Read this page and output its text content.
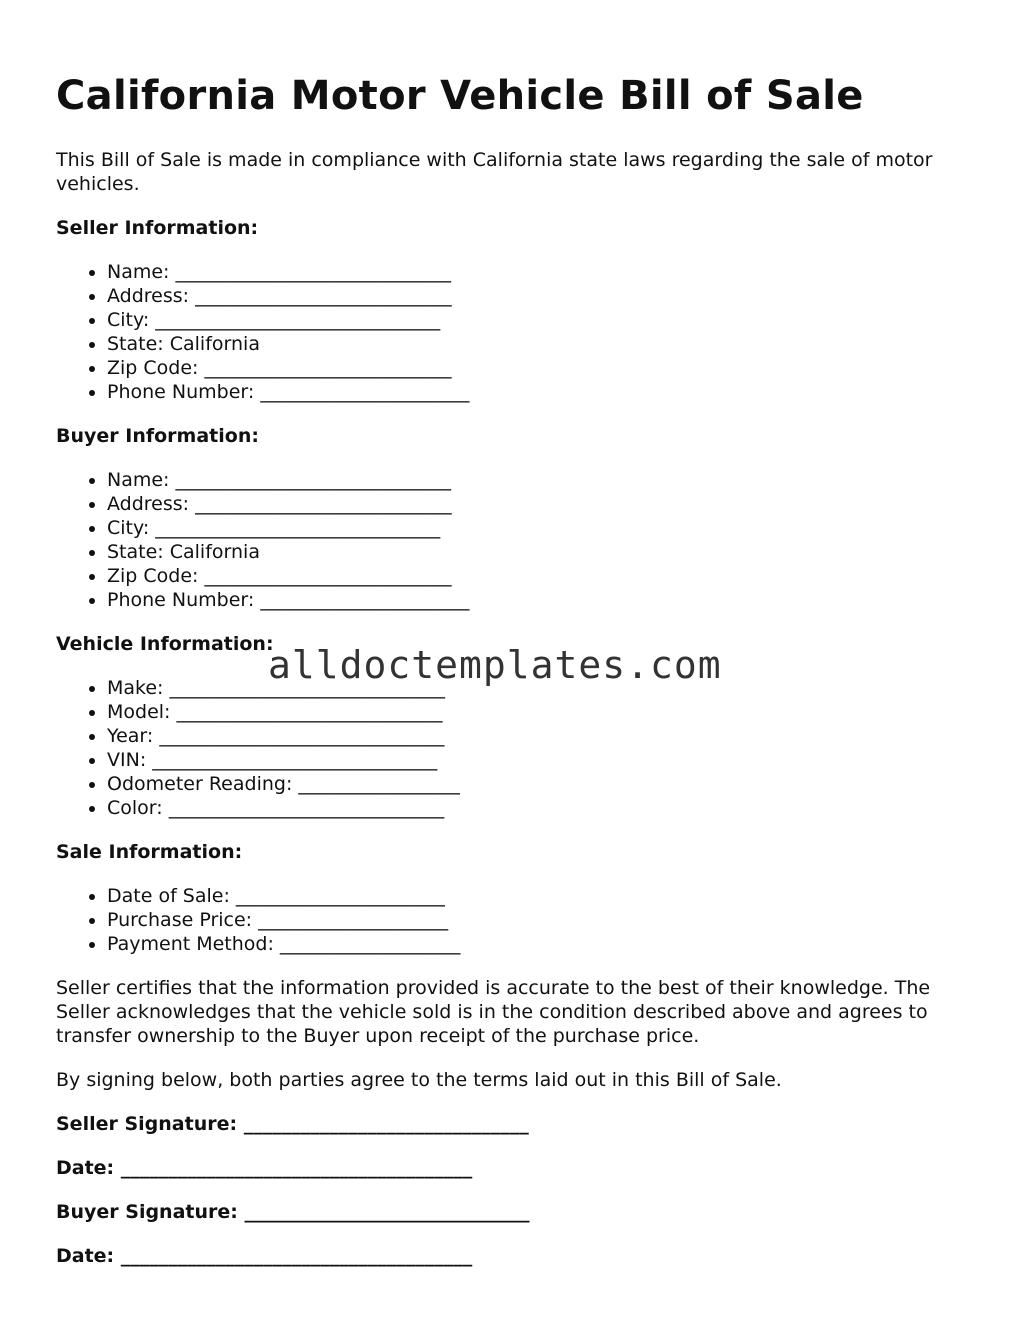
California Motor Vehicle Bill of Sale

This Bill of Sale is made in compliance with California state laws regarding the sale of motor vehicles.

Seller Information:
• Name: _____________________________
• Address: ___________________________
• City: ______________________________
• State: California
• Zip Code: __________________________
• Phone Number: ______________________
Buyer Information:
• Name: _____________________________
• Address: ___________________________
• City: ______________________________
• State: California
• Zip Code: __________________________
• Phone Number: ______________________
Vehicle Information:
• Make: _____________________________
• Model: ____________________________
• Year: ______________________________
• VIN: ______________________________
• Odometer Reading: _________________
• Color: _____________________________
Sale Information:
• Date of Sale: ______________________
• Purchase Price: ____________________
• Payment Method: ___________________

Seller certifies that the information provided is accurate to the best of their knowledge. The Seller acknowledges that the vehicle sold is in the condition described above and agrees to transfer ownership to the Buyer upon receipt of the purchase price.

By signing below, both parties agree to the terms laid out in this Bill of Sale.

Seller Signature: ______________________________
Date: _____________________________________
Buyer Signature: ______________________________
Date: _____________________________________
alldoctemplates.com
